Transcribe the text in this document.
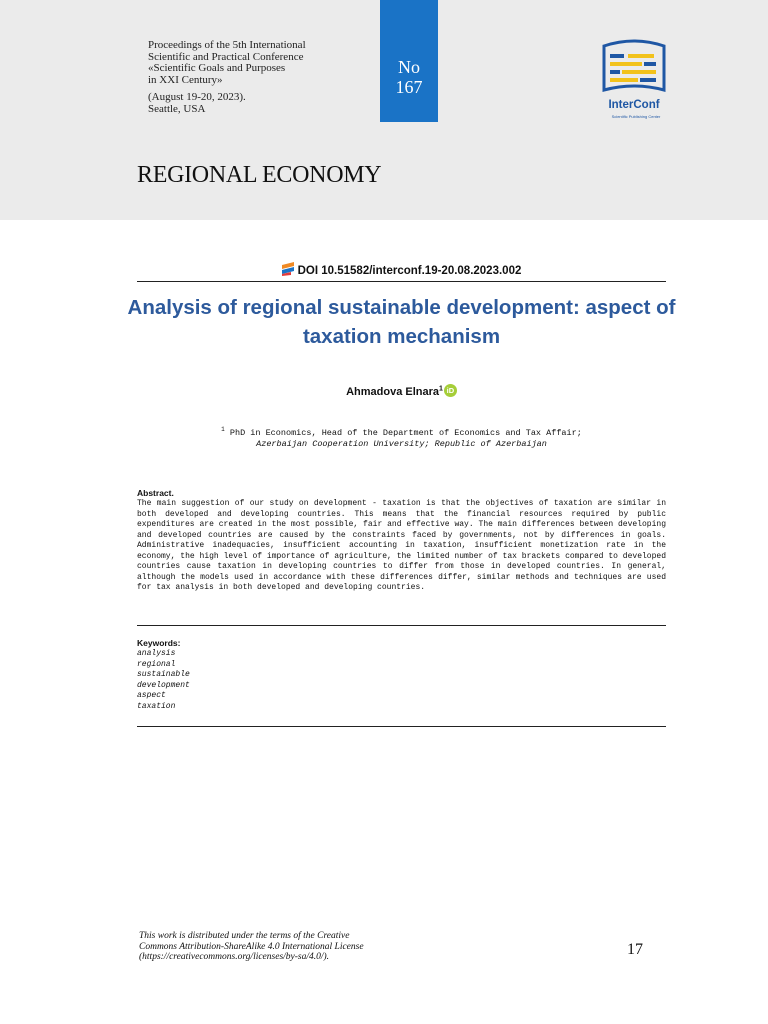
Proceedings of the 5th International
Scientific and Practical Conference
«Scientific Goals and Purposes
in XXI Century»
(August 19-20, 2023).
Seattle, USA
No
167
InterConf
Scientific Publishing Center
REGIONAL ECONOMY
DOI 10.51582/interconf.19-20.08.2023.002
Analysis of regional sustainable development: aspect of taxation mechanism
Ahmadova Elnara$^1$ iD
$^1$ PhD in Economics, Head of the Department of Economics and Tax Affair;
Azerbaijan Cooperation University; Republic of Azerbaijan
Abstract.
The main suggestion of our study on development - taxation is that the objectives of taxation are similar in both developed and developing countries. This means that the financial resources required by public expenditures are created in the most possible, fair and effective way. The main differences between developing and developed countries are caused by the constraints faced by governments, not by differences in goals. Administrative inadequacies, insufficient accounting in taxation, insufficient monetization rate in the economy, the high level of importance of agriculture, the limited number of tax brackets compared to developed countries cause taxation in developing countries to differ from those in developed countries. In general, although the models used in accordance with these differences differ, similar methods and techniques are used for tax analysis in both developed and developing countries.
Keywords:
analysis
regional
sustainable
development
aspect
taxation
This work is distributed under the terms of the Creative
Commons Attribution-ShareAlike 4.0 International License
(https://creativecommons.org/licenses/by-sa/4.0/).	17
